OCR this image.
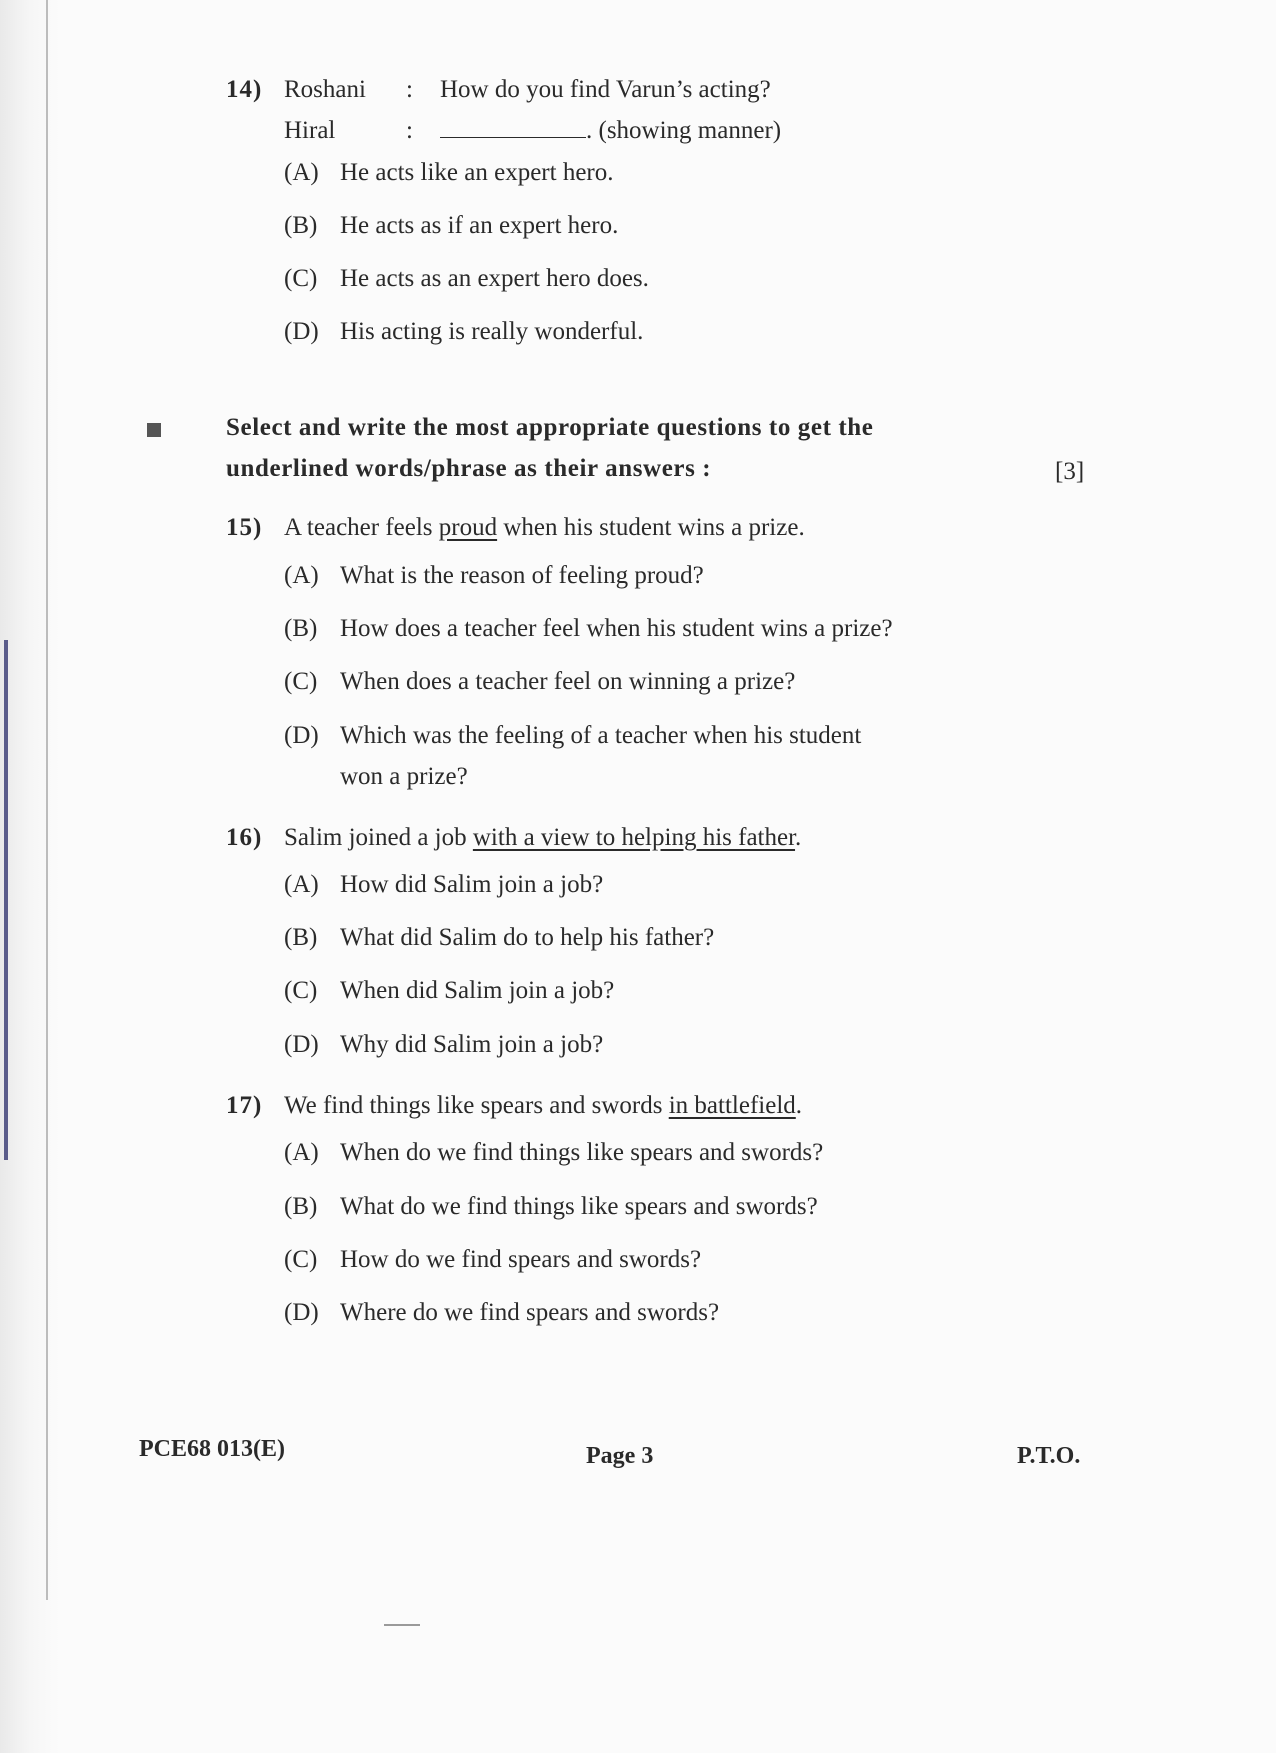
14) Roshani : How do you find Varun’s acting?
Hiral	:	. (showing manner)
(A) He acts like an expert hero.
(B) He acts as if an expert hero.
(C) He acts as an expert hero does.
(D) His acting is really wonderful.
Select and write the most appropriate questions to get the
underlined words/phrase as their answers :	[3]
15) A teacher feels proud when his student wins a prize.
(A) What is the reason of feeling proud?
(B) How does a teacher feel when his student wins a prize?
(C) When does a teacher feel on winning a prize?
(D) Which was the feeling of a teacher when his student
won a prize?
16) Salim joined a job with a view to helping his father.
(A) How did Salim join a job?
(B) What did Salim do to help his father?
(C) When did Salim join a job?
(D) Why did Salim join a job?
17) We find things like spears and swords in battlefield.
(A) When do we find things like spears and swords?
(B) What do we find things like spears and swords?
(C) How do we find spears and swords?
(D) Where do we find spears and swords?
PCE68 013(E)	Page 3	P.T.O.
